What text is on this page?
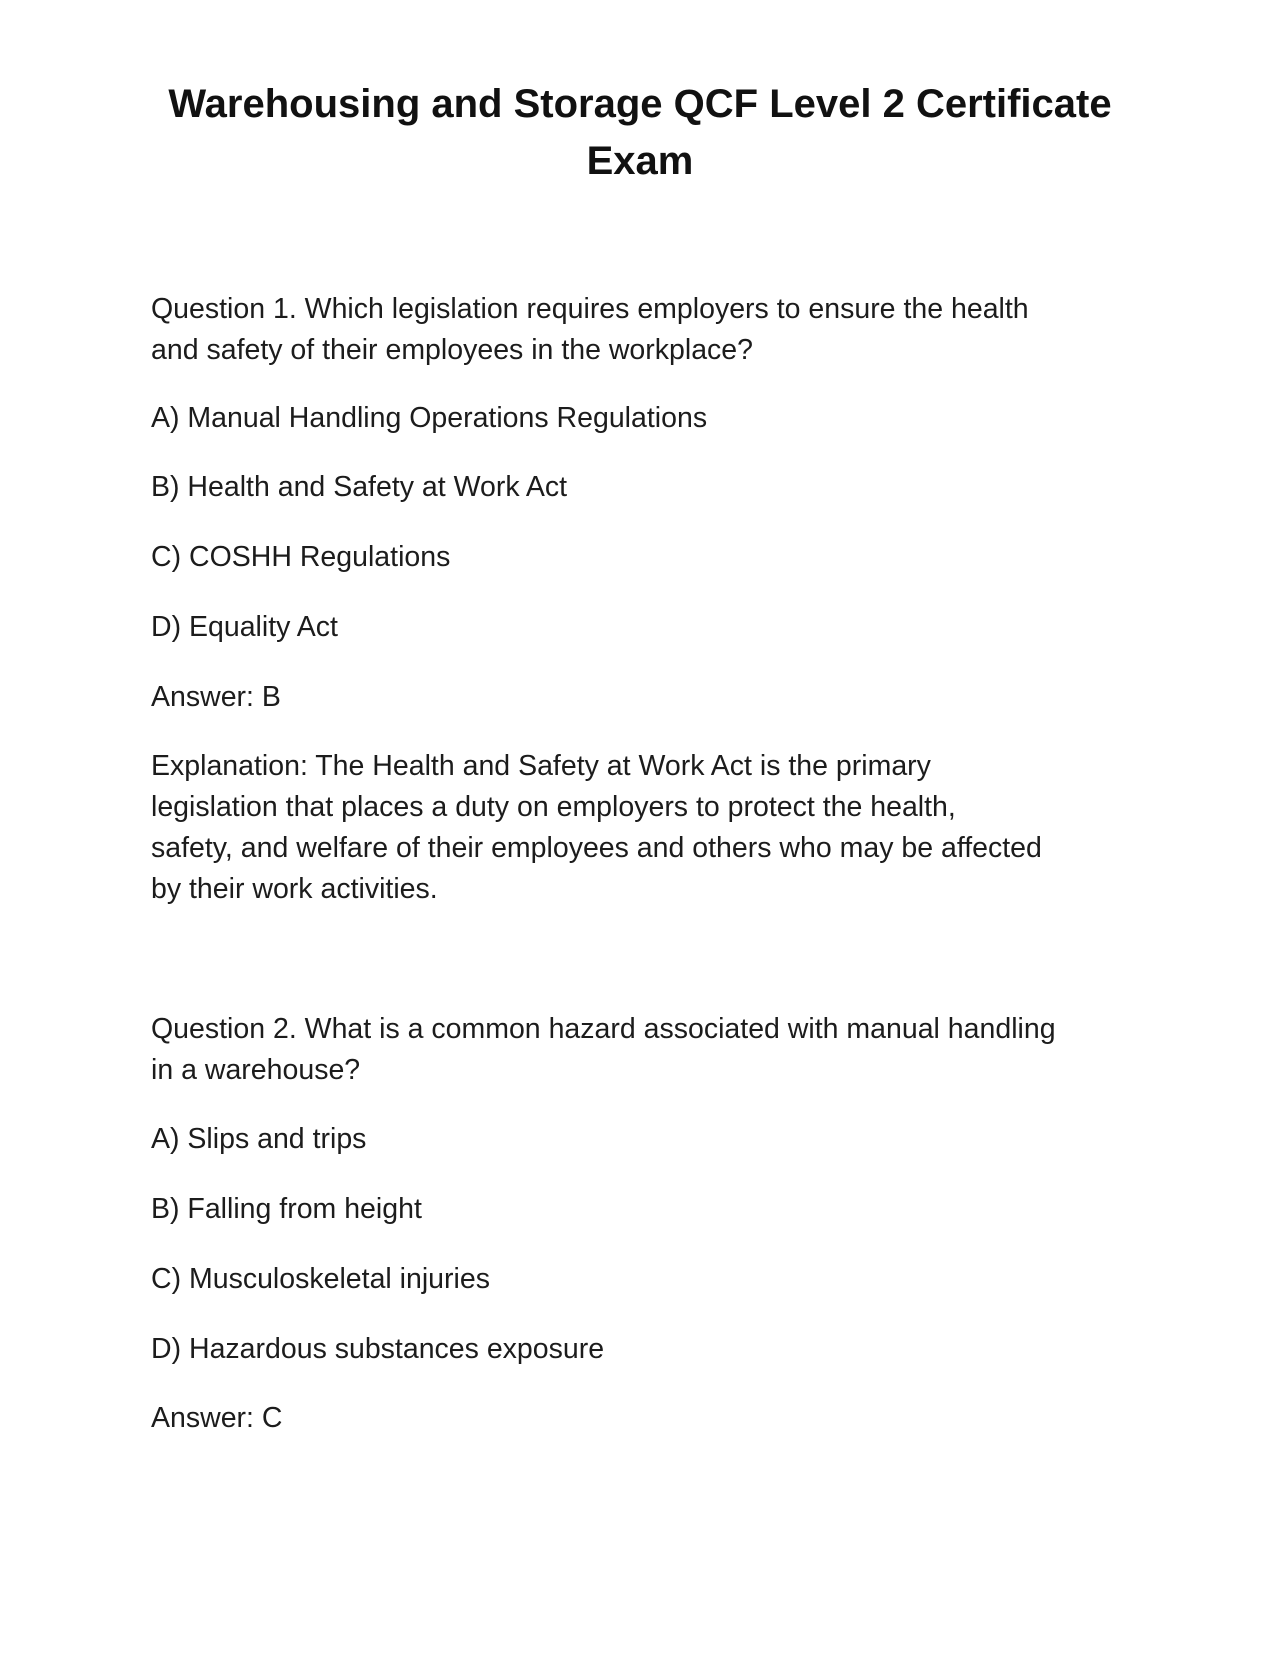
Warehousing and Storage QCF Level 2 Certificate
Exam
Question 1. Which legislation requires employers to ensure the health
and safety of their employees in the workplace?
A) Manual Handling Operations Regulations
B) Health and Safety at Work Act
C) COSHH Regulations
D) Equality Act
Answer: B
Explanation: The Health and Safety at Work Act is the primary
legislation that places a duty on employers to protect the health,
safety, and welfare of their employees and others who may be affected
by their work activities.
Question 2. What is a common hazard associated with manual handling
in a warehouse?
A) Slips and trips
B) Falling from height
C) Musculoskeletal injuries
D) Hazardous substances exposure
Answer: C
